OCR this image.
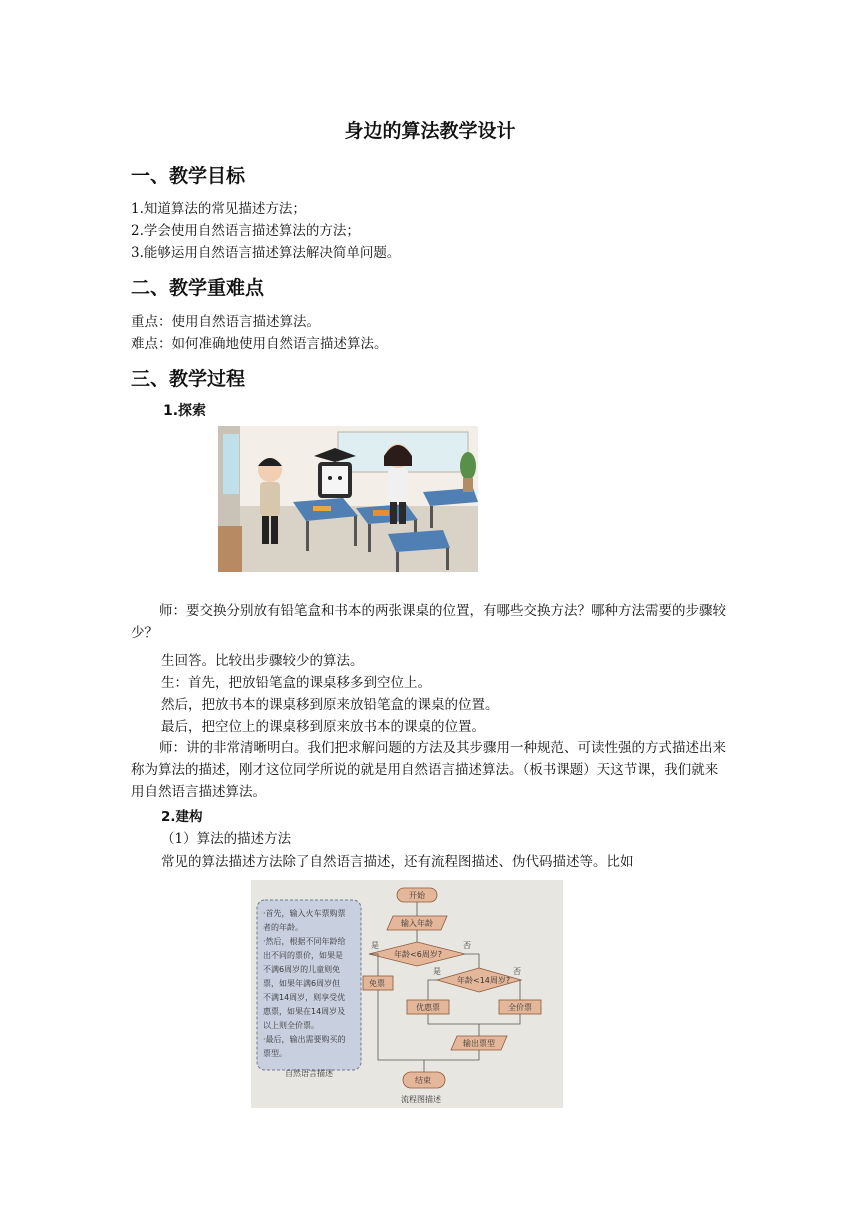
身边的算法教学设计
一、教学目标
1.知道算法的常见描述方法；
2.学会使用自然语言描述算法的方法；
3.能够运用自然语言描述算法解决简单问题。
二、教学重难点
重点：使用自然语言描述算法。
难点：如何准确地使用自然语言描述算法。
三、教学过程
1.探索
师：要交换分别放有铅笔盒和书本的两张课桌的位置，有哪些交换方法？哪种方法需要的步骤较少？
生回答。比较出步骤较少的算法。
生：首先，把放铅笔盒的课桌移多到空位上。
然后，把放书本的课桌移到原来放铅笔盒的课桌的位置。
最后，把空位上的课桌移到原来放书本的课桌的位置。
师：讲的非常清晰明白。我们把求解问题的方法及其步骤用一种规范、可读性强的方式描述出来称为算法的描述，刚才这位同学所说的就是用自然语言描述算法。（板书课题）天这节课，我们就来用自然语言描述算法。
2.建构
（1）算法的描述方法
常见的算法描述方法除了自然语言描述，还有流程图描述、伪代码描述等。比如
·首先，输入火车票购票
者的年龄。
·然后，根据不同年龄给
出不同的票价，如果是
不满6周岁的儿童则免
票，如果年满6周岁但
不满14周岁，则享受优
惠票，如果在14周岁及
以上则全价票。
·最后，输出需要购买的
票型。
自然语言描述
开始
输入年龄
年龄<6周岁?
年龄<14周岁?
免票
优惠票	全价票
输出票型
结束
是	否
是	否
流程图描述
